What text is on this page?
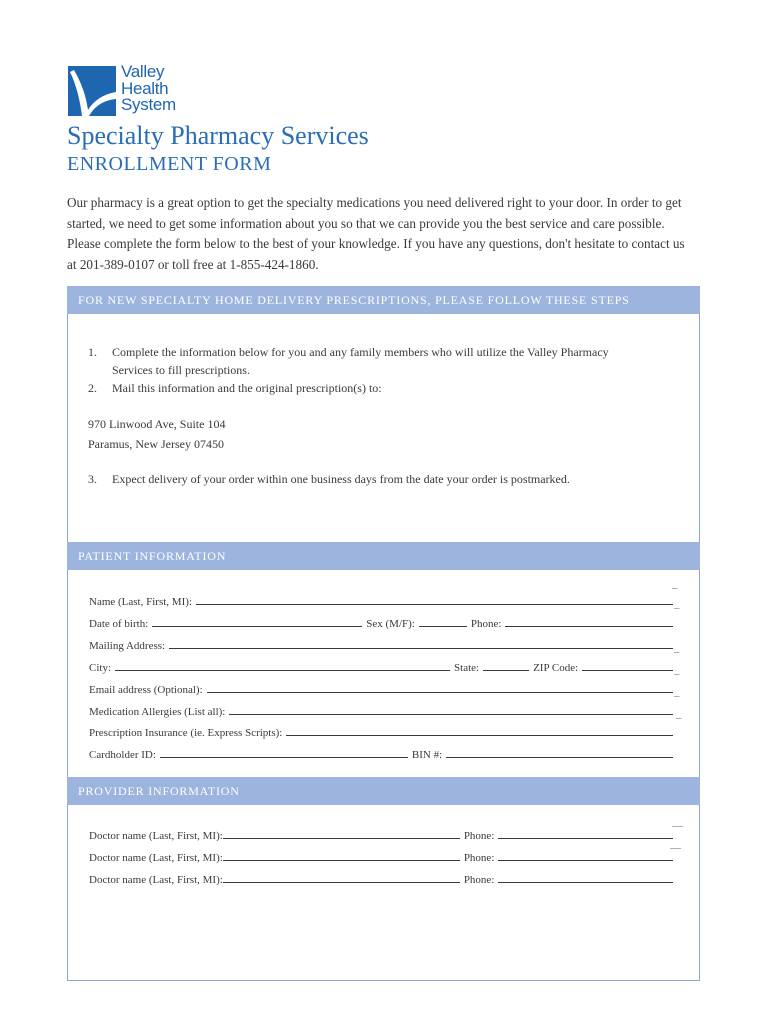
Valley
Health
System
Specialty Pharmacy Services
ENROLLMENT FORM
Our pharmacy is a great option to get the specialty medications you need delivered right to your door. In order to get started, we need to get some information about you so that we can provide you the best service and care possible. Please complete the form below to the best of your knowledge. If you have any questions, don't hesitate to contact us at 201-389-0107 or toll free at 1-855-424-1860.
FOR NEW SPECIALTY HOME DELIVERY PRESCRIPTIONS, PLEASE FOLLOW THESE STEPS
1. Complete the information below for you and any family members who will utilize the Valley Pharmacy Services to fill prescriptions.
2. Mail this information and the original prescription(s) to:
970 Linwood Ave, Suite 104
Paramus, New Jersey 07450
3. Expect delivery of your order within one business days from the date your order is postmarked.
PATIENT INFORMATION
Name (Last, First, MI):
Date of birth:	Sex (M/F):	Phone:
Mailing Address:
City:	State:	ZIP Code:
Email address (Optional):
Medication Allergies (List all):
Prescription Insurance (ie. Express Scripts):
Cardholder ID:	BIN #:
PROVIDER INFORMATION
Doctor name (Last, First, MI):	Phone:
Doctor name (Last, First, MI):	Phone:
Doctor name (Last, First, MI):	Phone:
_
_
_
_
_
_
__
__
